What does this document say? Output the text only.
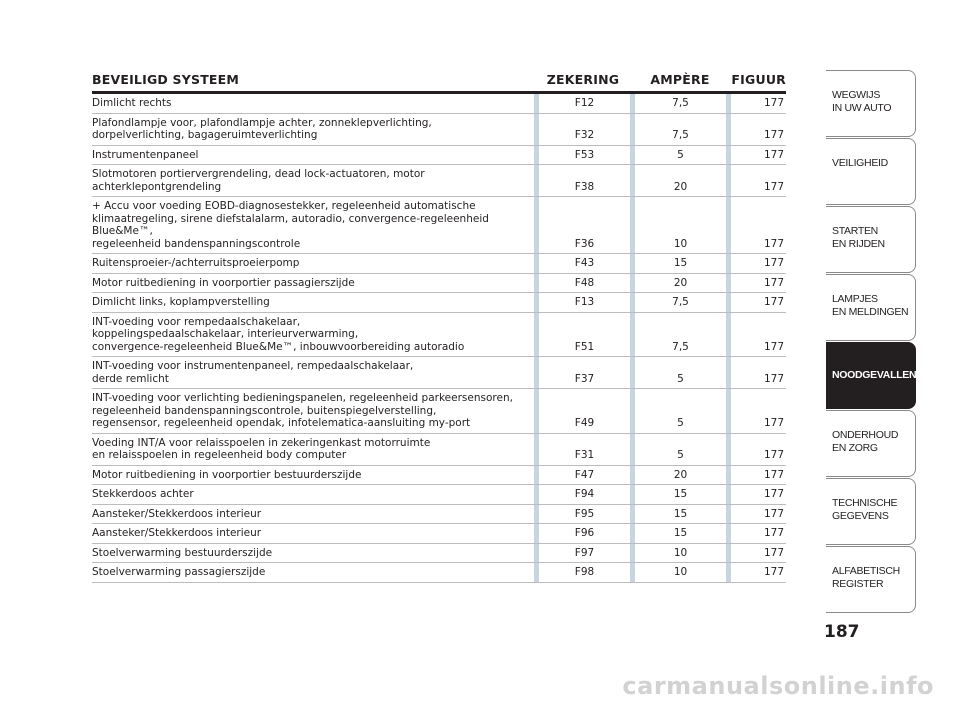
BEVEILIGD SYSTEEM	ZEKERING	AMPÈRE	FIGUUR
Dimlicht rechts	F12	7,5	177
Plafondlampje voor, plafondlampje achter, zonneklepverlichting,
dorpelverlichting, bagageruimteverlichting	F32	7,5	177
Instrumentenpaneel	F53	5	177
Slotmotoren portiervergrendeling, dead lock-actuatoren, motor
achterklepontgrendeling	F38	20	177
+ Accu voor voeding EOBD-diagnosestekker, regeleenheid automatische
klimaatregeling, sirene diefstalalarm, autoradio, convergence-regeleenheid Blue&Me™,
regeleenheid bandenspanningscontrole	F36	10	177
Ruitensproeier-/achterruitsproeierpomp	F43	15	177
Motor ruitbediening in voorportier passagierszijde	F48	20	177
Dimlicht links, koplampverstelling	F13	7,5	177
INT-voeding voor rempedaalschakelaar,
koppelingspedaalschakelaar, interieurverwarming,
convergence-regeleenheid Blue&Me™, inbouwvoorbereiding autoradio	F51	7,5	177
INT-voeding voor instrumentenpaneel, rempedaalschakelaar,
derde remlicht	F37	5	177
INT-voeding voor verlichting bedieningspanelen, regeleenheid parkeersensoren,
regeleenheid bandenspanningscontrole, buitenspiegelverstelling,
regensensor, regeleenheid opendak, infotelematica-aansluiting my-port	F49	5	177
Voeding INT/A voor relaisspoelen in zekeringenkast motorruimte
en relaisspoelen in regeleenheid body computer	F31	5	177
Motor ruitbediening in voorportier bestuurderszijde	F47	20	177
Stekkerdoos achter	F94	15	177
Aansteker/Stekkerdoos interieur	F95	15	177
Aansteker/Stekkerdoos interieur	F96	15	177
Stoelverwarming bestuurderszijde	F97	10	177
Stoelverwarming passagierszijde	F98	10	177
WEGWIJS
IN UW AUTO
VEILIGHEID
STARTEN
EN RIJDEN
LAMPJES
EN MELDINGEN
NOODGEVALLEN
ONDERHOUD
EN ZORG
TECHNISCHE
GEGEVENS
ALFABETISCH
REGISTER
187
carmanualsonline.info
